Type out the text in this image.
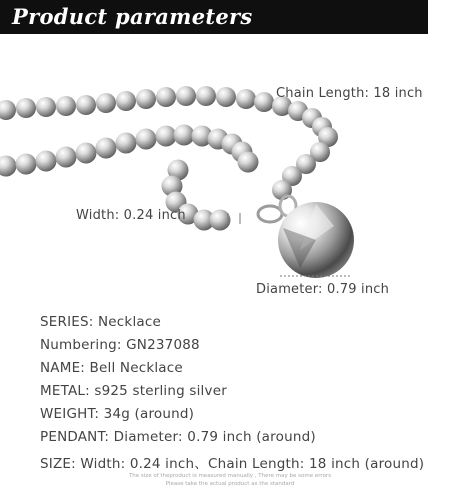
Product parameters
Chain Length: 18 inch
Width: 0.24 inch
Diameter: 0.79 inch
SERIES: Necklace
Numbering: GN237088
NAME: Bell Necklace
METAL: s925 sterling silver
WEIGHT: 34g (around)
PENDANT: Diameter: 0.79 inch (around)
SIZE: Width: 0.24 inch、Chain Length: 18 inch (around)
The size of theproduct is measured manually , There may be some errors
Please take the actual product as the standard
